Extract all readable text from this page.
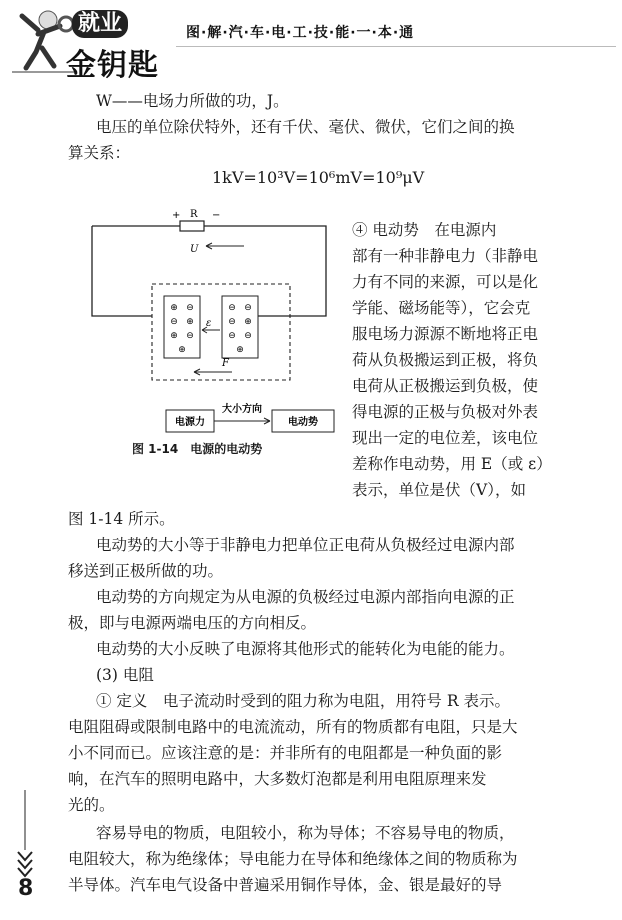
就业
金钥匙
图·解·汽·车·电·工·技·能·一·本·通
W——电场力所做的功，J。
电压的单位除伏特外，还有千伏、毫伏、微伏，它们之间的换
算关系：
1kV=10³V=10⁶mV=10⁹μV
R
+	−
U
⊕ ⊖
⊖ ⊕
⊕ ⊖
⊕
⊖ ⊖
⊖ ⊕
⊖ ⊖
⊕
ε
F
电源力	电动势
大小方向
图 1-14　电源的电动势
④ 电动势　在电源内
部有一种非静电力（非静电
力有不同的来源，可以是化
学能、磁场能等），它会克
服电场力源源不断地将正电
荷从负极搬运到正极，将负
电荷从正极搬运到负极，使
得电源的正极与负极对外表
现出一定的电位差，该电位
差称作电动势，用 E（或 ε）
表示，单位是伏（V），如
图 1-14 所示。
电动势的大小等于非静电力把单位正电荷从负极经过电源内部
移送到正极所做的功。
电动势的方向规定为从电源的负极经过电源内部指向电源的正
极，即与电源两端电压的方向相反。
电动势的大小反映了电源将其他形式的能转化为电能的能力。
(3) 电阻
① 定义　电子流动时受到的阻力称为电阻，用符号 R 表示。
电阻阻碍或限制电路中的电流流动，所有的物质都有电阻，只是大
小不同而已。应该注意的是：并非所有的电阻都是一种负面的影
响，在汽车的照明电路中，大多数灯泡都是利用电阻原理来发
光的。
容易导电的物质，电阻较小，称为导体；不容易导电的物质，
电阻较大，称为绝缘体；导电能力在导体和绝缘体之间的物质称为
半导体。汽车电气设备中普遍采用铜作导体，金、银是最好的导
8
